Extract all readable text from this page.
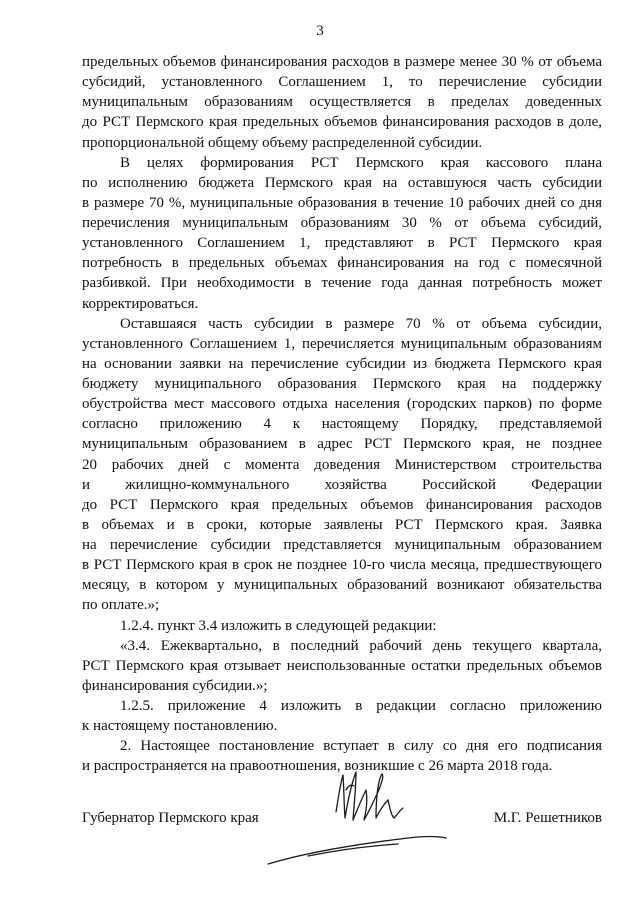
3
предельных объемов финансирования расходов в размере менее 30 % от объема
субсидий, установленного Соглашением 1, то перечисление субсидии
муниципальным образованиям осуществляется в пределах доведенных
до РСТ Пермского края предельных объемов финансирования расходов в доле,
пропорциональной общему объему распределенной субсидии.
В целях формирования РСТ Пермского края кассового плана
по исполнению бюджета Пермского края на оставшуюся часть субсидии
в размере 70 %, муниципальные образования в течение 10 рабочих дней со дня
перечисления муниципальным образованиям 30 % от объема субсидий,
установленного Соглашением 1, представляют в РСТ Пермского края
потребность в предельных объемах финансирования на год с помесячной
разбивкой. При необходимости в течение года данная потребность может
корректироваться.
Оставшаяся часть субсидии в размере 70 % от объема субсидии,
установленного Соглашением 1, перечисляется муниципальным образованиям
на основании заявки на перечисление субсидии из бюджета Пермского края
бюджету муниципального образования Пермского края на поддержку
обустройства мест массового отдыха населения (городских парков) по форме
согласно приложению 4 к настоящему Порядку, представляемой
муниципальным образованием в адрес РСТ Пермского края, не позднее
20 рабочих дней с момента доведения Министерством строительства
и жилищно-коммунального хозяйства Российской Федерации
до РСТ Пермского края предельных объемов финансирования расходов
в объемах и в сроки, которые заявлены РСТ Пермского края. Заявка
на перечисление субсидии представляется муниципальным образованием
в РСТ Пермского края в срок не позднее 10-го числа месяца, предшествующего
месяцу, в котором у муниципальных образований возникают обязательства
по оплате.»;
1.2.4. пункт 3.4 изложить в следующей редакции:
«3.4. Ежеквартально, в последний рабочий день текущего квартала,
РСТ Пермского края отзывает неиспользованные остатки предельных объемов
финансирования субсидии.»;
1.2.5. приложение 4 изложить в редакции согласно приложению
к настоящему постановлению.
2. Настоящее постановление вступает в силу со дня его подписания
и распространяется на правоотношения, возникшие с 26 марта 2018 года.
Губернатор Пермского края	М.Г. Решетников
